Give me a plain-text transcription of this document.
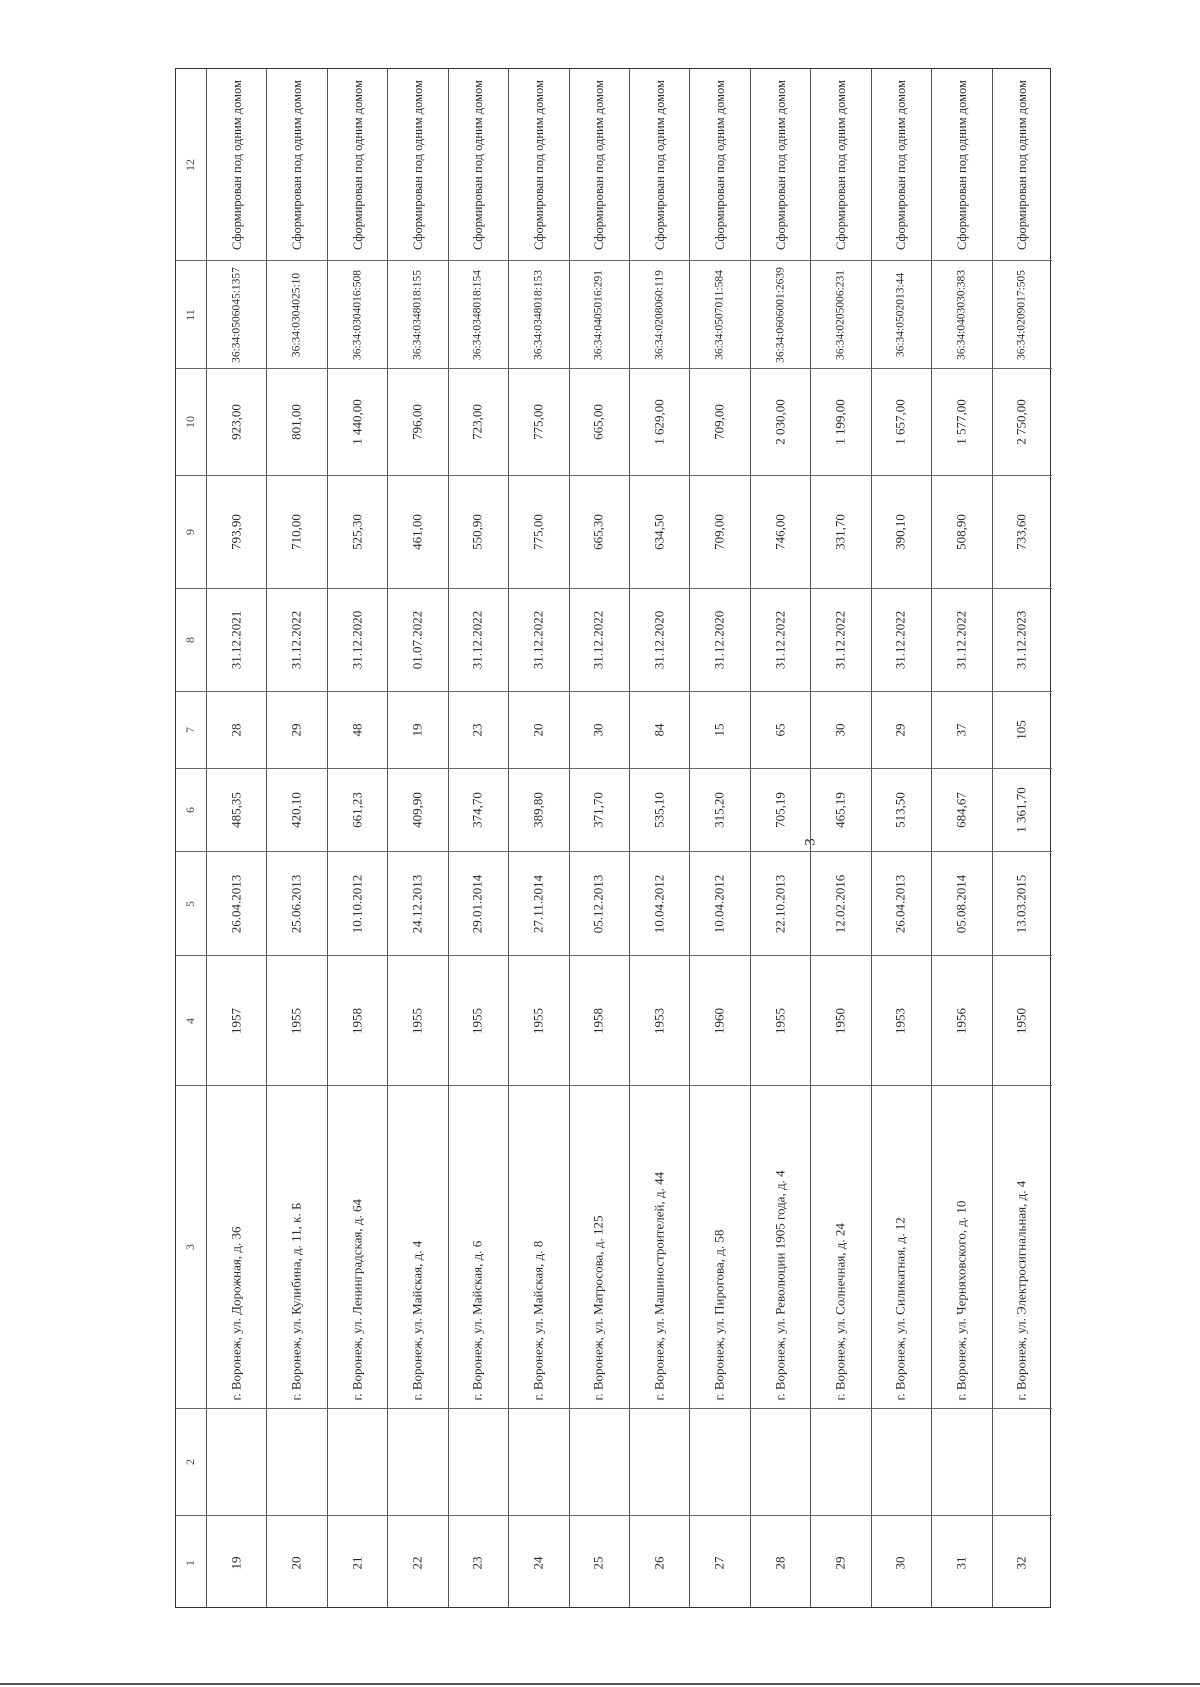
3
12
11
10
9
8
7
6
5
4
3
2
1
Сформирован под одним домом
36:34:0506045:1357
923,00
793,90
31.12.2021
28
485,35
26.04.2013
1957
г. Воронеж, ул. Дорожная, д. 36
19
Сформирован под одним домом
36:34:0304025:10
801,00
710,00
31.12.2022
29
420,10
25.06.2013
1955
г. Воронеж, ул. Кулибина, д. 11, к. Б
20
Сформирован под одним домом
36:34:0304016:508
1 440,00
525,30
31.12.2020
48
661,23
10.10.2012
1958
г. Воронеж, ул. Ленинградская, д. 64
21
Сформирован под одним домом
36:34:0348018:155
796,00
461,00
01.07.2022
19
409,90
24.12.2013
1955
г. Воронеж, ул. Майская, д. 4
22
Сформирован под одним домом
36:34:0348018:154
723,00
550,90
31.12.2022
23
374,70
29.01.2014
1955
г. Воронеж, ул. Майская, д. 6
23
Сформирован под одним домом
36:34:0348018:153
775,00
775,00
31.12.2022
20
389,80
27.11.2014
1955
г. Воронеж, ул. Майская, д. 8
24
Сформирован под одним домом
36:34:0405016:291
665,00
665,30
31.12.2022
30
371,70
05.12.2013
1958
г. Воронеж, ул. Матросова, д. 125
25
Сформирован под одним домом
36:34:0208060:119
1 629,00
634,50
31.12.2020
84
535,10
10.04.2012
1953
г. Воронеж, ул. Машиностроителей, д. 44
26
Сформирован под одним домом
36:34:0507011:584
709,00
709,00
31.12.2020
15
315,20
10.04.2012
1960
г. Воронеж, ул. Пирогова, д. 58
27
Сформирован под одним домом
36:34:0606001:2639
2 030,00
746,00
31.12.2022
65
705,19
22.10.2013
1955
г. Воронеж, ул. Революции 1905 года, д. 4
28
Сформирован под одним домом
36:34:0205006:231
1 199,00
331,70
31.12.2022
30
465,19
12.02.2016
1950
г. Воронеж, ул. Солнечная, д. 24
29
Сформирован под одним домом
36:34:0502013:44
1 657,00
390,10
31.12.2022
29
513,50
26.04.2013
1953
г. Воронеж, ул. Силикатная, д. 12
30
Сформирован под одним домом
36:34:0403030:383
1 577,00
508,90
31.12.2022
37
684,67
05.08.2014
1956
г. Воронеж, ул. Черняховского, д. 10
31
Сформирован под одним домом
36:34:0209017:505
2 750,00
733,60
31.12.2023
105
1 361,70
13.03.2015
1950
г. Воронеж, ул. Электросигнальная, д. 4
32
